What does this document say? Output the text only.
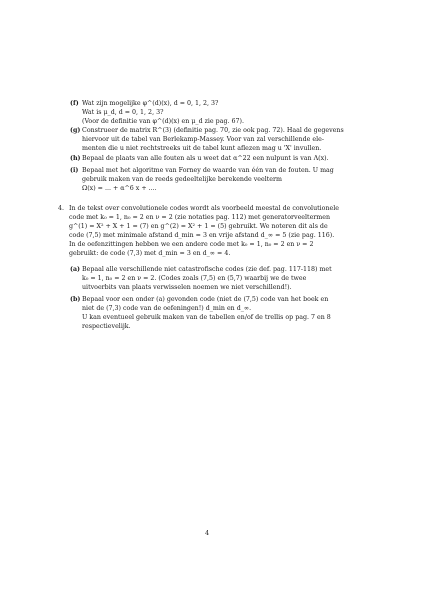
(f) Wat zijn mogelijke φ^(d)(x), d = 0, 1, 2, 3?
Wat is μ_d, d = 0, 1, 2, 3?
(Voor de definitie van φ^(d)(x) en μ_d zie pag. 67).
(g) Construeer de matrix R^(3) (definitie pag. 70, zie ook pag. 72). Haal de gegevens
hiervoor uit de tabel van Berlekamp-Massey. Voor van zal verschillende ele-
menten die u niet rechtstreeks uit de tabel kunt aflezen mag u 'X' invullen.
(h) Bepaal de plaats van alle fouten als u weet dat α^22 een nulpunt is van Λ(x).
(i) Bepaal met het algoritme van Forney de waarde van één van de fouten. U mag
gebruik maken van de reeds gedeeltelijke berekende veelterm
Ω(x) = ... + α^6 x + ....
4. In de tekst over convolutionele codes wordt als voorbeeld meestal de convolutionele
code met k₀ = 1, n₀ = 2 en ν = 2 (zie notaties pag. 112) met generatorveeltermen
g^(1) = X² + X + 1 = (7) en g^(2) = X² + 1 = (5) gebruikt. We noteren dit als de
code (7,5) met minimale afstand d_min = 3 en vrije afstand d_∞ = 5 (zie pag. 116).
In de oefenzittingen hebben we een andere code met k₀ = 1, n₀ = 2 en ν = 2
gebruikt: de code (7,3) met d_min = 3 en d_∞ = 4.
(a) Bepaal alle verschillende niet catastrofische codes (zie def. pag. 117-118) met
k₀ = 1, n₀ = 2 en ν = 2. (Codes zoals (7,5) en (5,7) waarbij we de twee
uitvoerbits van plaats verwisselen noemen we niet verschillend!).
(b) Bepaal voor een onder (a) gevonden code (niet de (7,5) code van het boek en
niet de (7,3) code van de oefeningen!) d_min en d_∞.
U kan eventueel gebruik maken van de tabellen en/of de trellis op pag. 7 en 8
respectievelijk.
4
